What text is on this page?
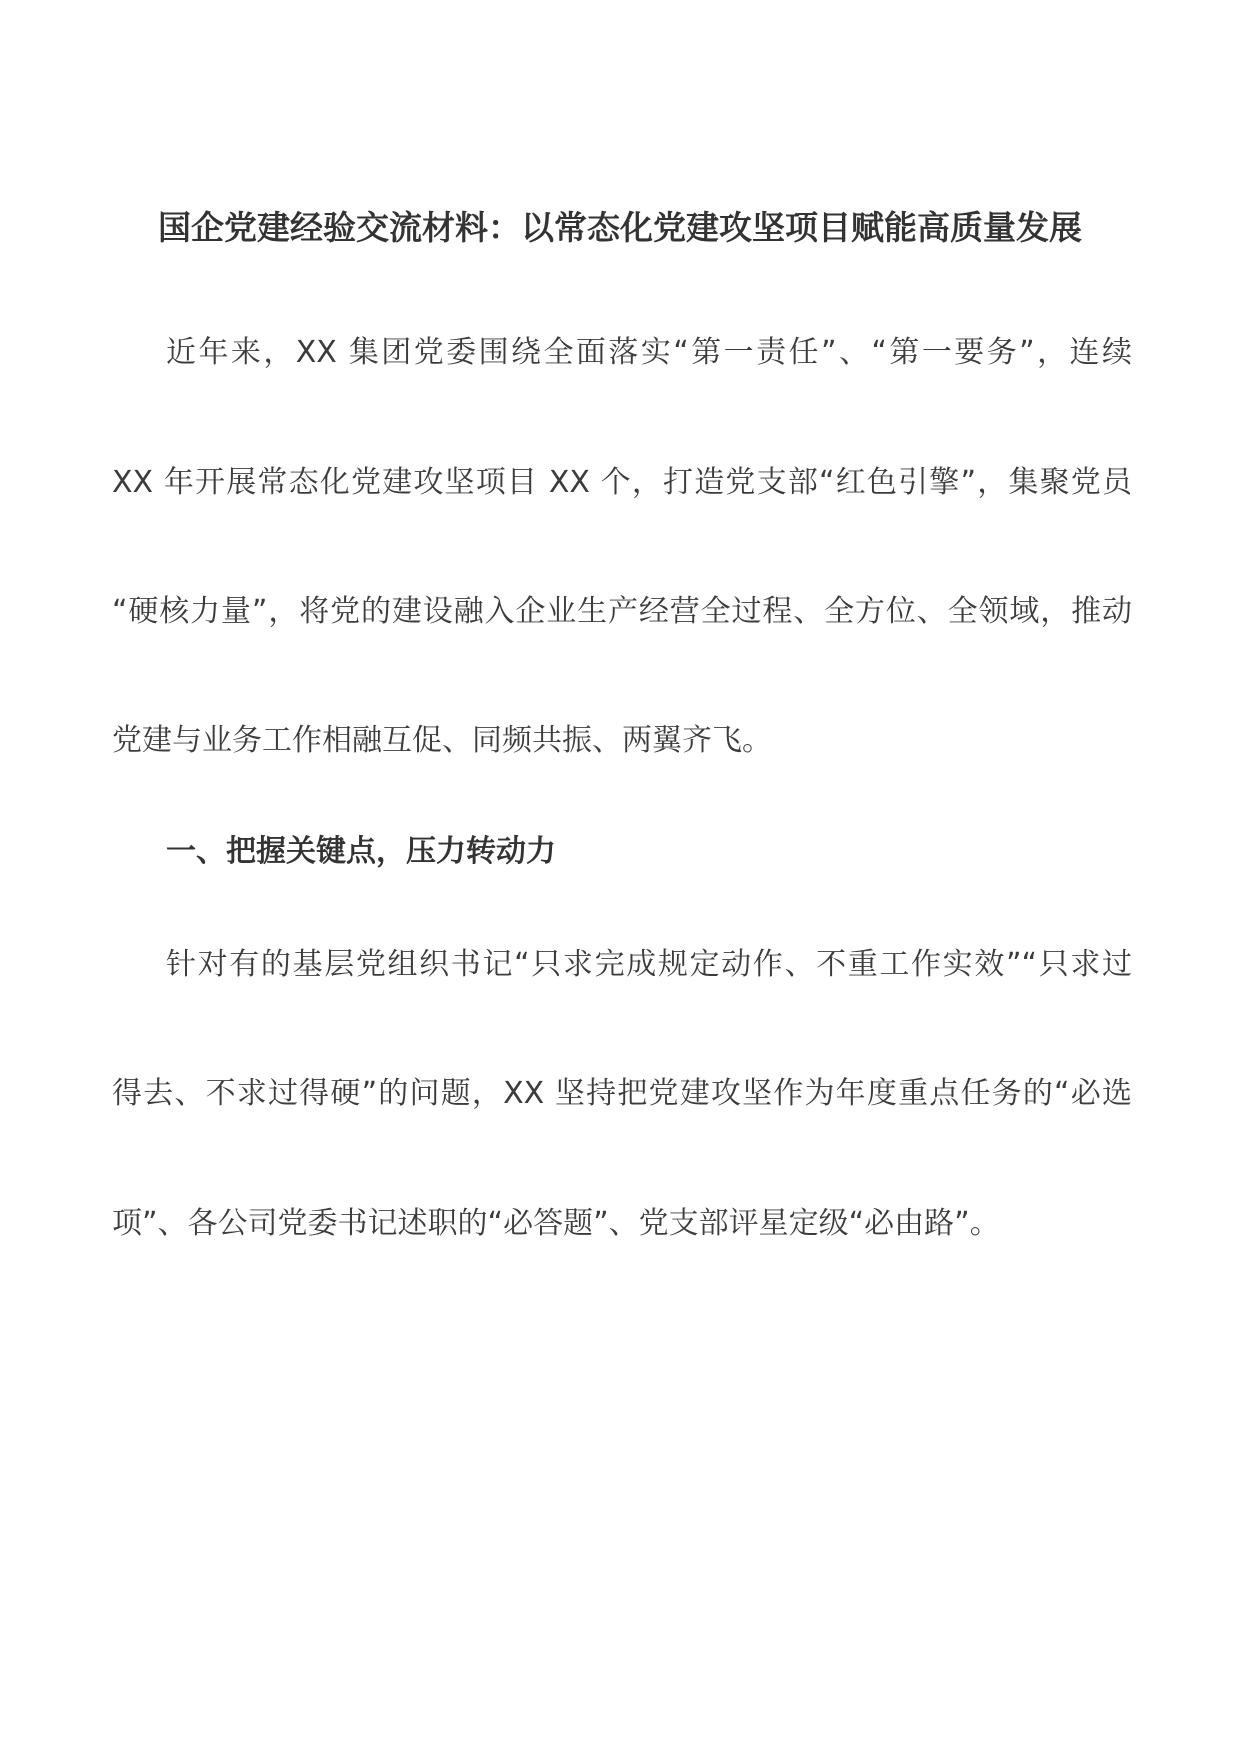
国企党建经验交流材料：以常态化党建攻坚项目赋能高质量发展
近年来，XX 集团党委围绕全面落实“第一责任”、“第一要务”，连续
XX 年开展常态化党建攻坚项目 XX 个，打造党支部“红色引擎”，集聚党员
“硬核力量”，将党的建设融入企业生产经营全过程、全方位、全领域，推动
党建与业务工作相融互促、同频共振、两翼齐飞。
一、把握关键点，压力转动力
针对有的基层党组织书记“只求完成规定动作、不重工作实效”“只求过
得去、不求过得硬”的问题，XX 坚持把党建攻坚作为年度重点任务的“必选
项”、各公司党委书记述职的“必答题”、党支部评星定级“必由路”。
